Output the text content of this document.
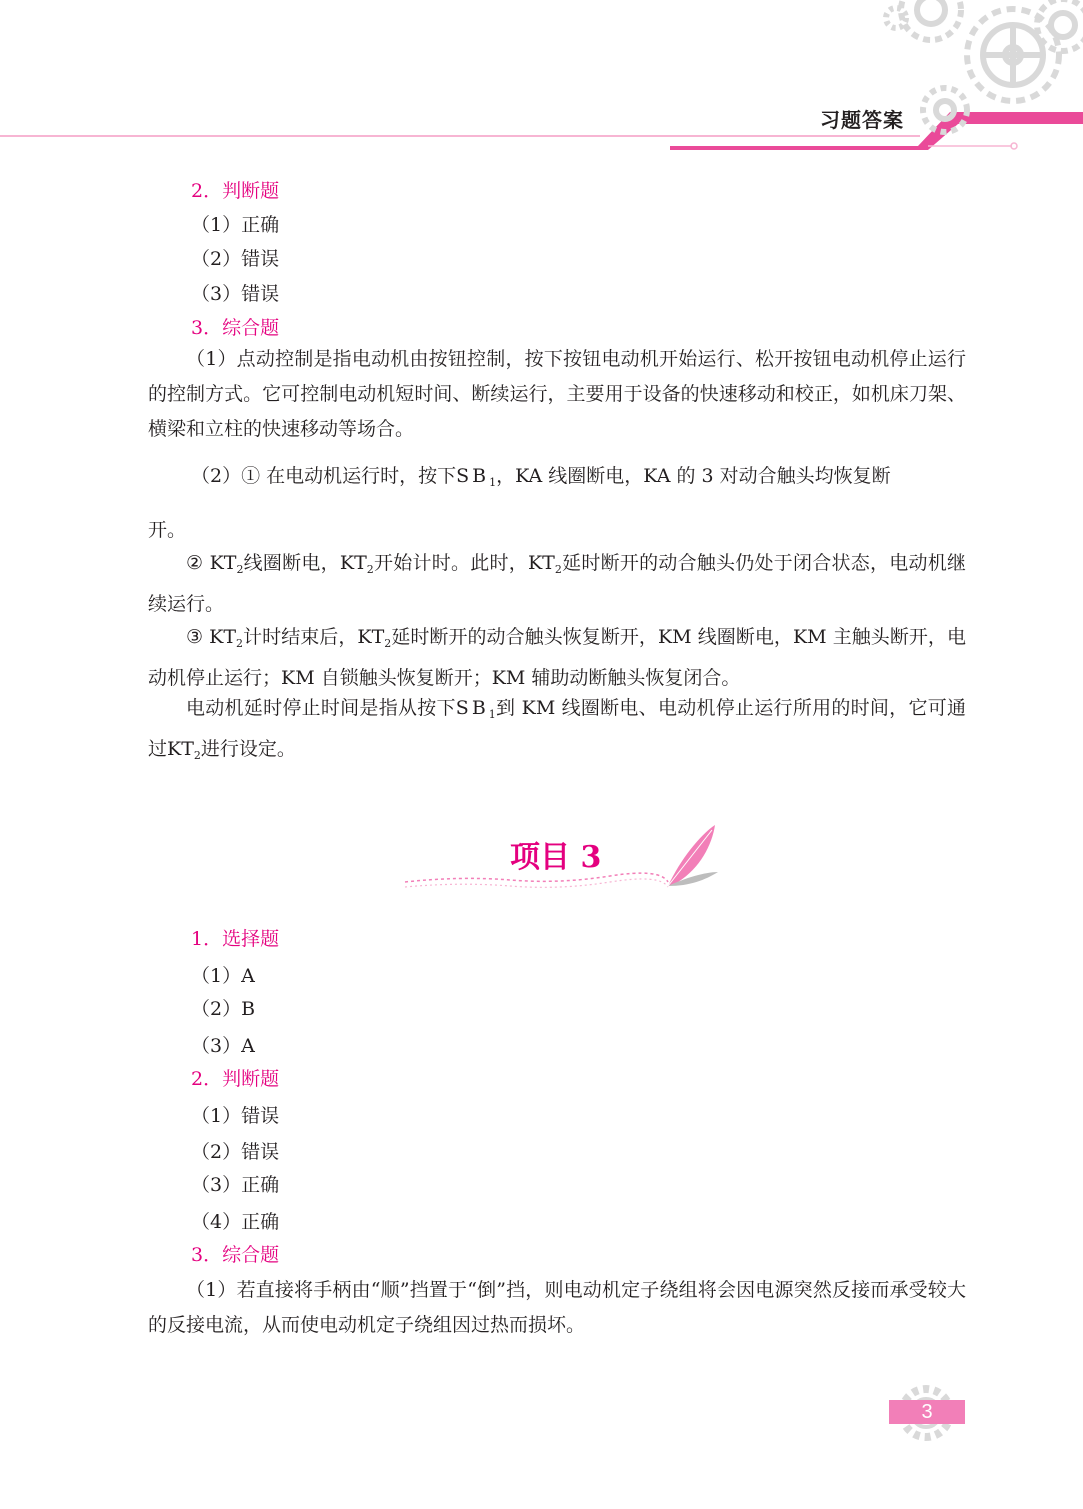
习题答案
2．判断题
（1）正确
（2）错误
（3）错误
3．综合题
（1）点动控制是指电动机由按钮控制，按下按钮电动机开始运行、松开按钮电动机停止运行的控制方式。它可控制电动机短时间、断续运行，主要用于设备的快速移动和校正，如机床刀架、横梁和立柱的快速移动等场合。
（2）① 在电动机运行时，按下$SB_1$，KA 线圈断电，KA 的 3 对动合触头均恢复断
开。
② $KT_2$线圈断电，$KT_2$开始计时。此时，$KT_2$延时断开的动合触头仍处于闭合状态，电动机继续运行。
③ $KT_2$计时结束后，$KT_2$延时断开的动合触头恢复断开，KM 线圈断电，KM 主触头断开，电动机停止运行；KM 自锁触头恢复断开；KM 辅助动断触头恢复闭合。
电动机延时停止时间是指从按下$SB_1$到 KM 线圈断电、电动机停止运行所用的时间，它可通过$KT_2$进行设定。
项目 3
1．选择题
（1）A
（2）B
（3）A
2．判断题
（1）错误
（2）错误
（3）正确
（4）正确
3．综合题
（1）若直接将手柄由“顺”挡置于“倒”挡，则电动机定子绕组将会因电源突然反接而承受较大的反接电流，从而使电动机定子绕组因过热而损坏。
3
